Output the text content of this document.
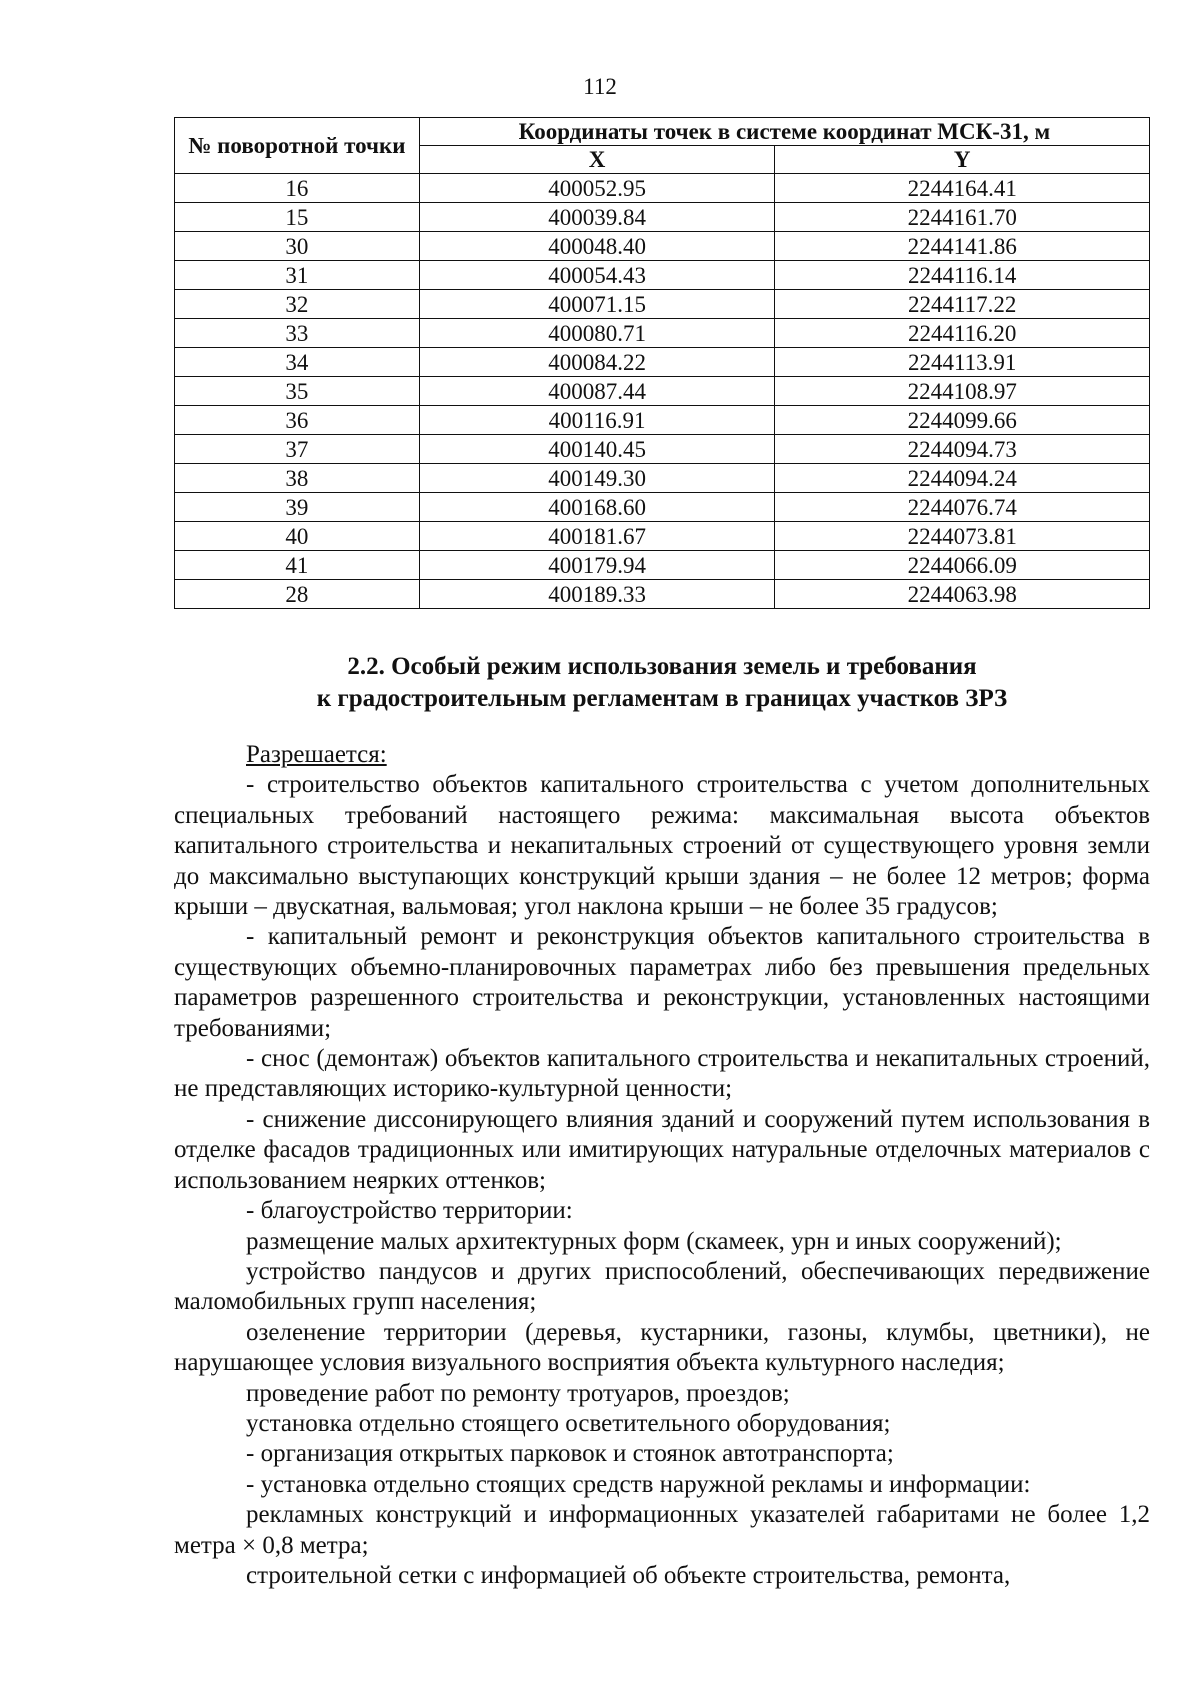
112
№ поворотной точки	Координаты точек в системе координат МСК-31, м	
	X	Y
16	400052.95	2244164.41
15	400039.84	2244161.70
30	400048.40	2244141.86
31	400054.43	2244116.14
32	400071.15	2244117.22
33	400080.71	2244116.20
34	400084.22	2244113.91
35	400087.44	2244108.97
36	400116.91	2244099.66
37	400140.45	2244094.73
38	400149.30	2244094.24
39	400168.60	2244076.74
40	400181.67	2244073.81
41	400179.94	2244066.09
28	400189.33	2244063.98
2.2. Особый режим использования земель и требования
к градостроительным регламентам в границах участков ЗРЗ

Разрешается:

- строительство объектов капитального строительства с учетом дополнительных специальных требований настоящего режима: максимальная высота объектов капитального строительства и некапитальных строений от существующего уровня земли до максимально выступающих конструкций крыши здания – не более 12 метров; форма крыши – двускатная, вальмовая; угол наклона крыши – не более 35 градусов;

- капитальный ремонт и реконструкция объектов капитального строительства в существующих объемно-планировочных параметрах либо без превышения предельных параметров разрешенного строительства и реконструкции, установленных настоящими требованиями;

- снос (демонтаж) объектов капитального строительства и некапитальных строений, не представляющих историко-культурной ценности;

- снижение диссонирующего влияния зданий и сооружений путем использования в отделке фасадов традиционных или имитирующих натуральные отделочных материалов с использованием неярких оттенков;

- благоустройство территории:

размещение малых архитектурных форм (скамеек, урн и иных сооружений);

устройство пандусов и других приспособлений, обеспечивающих передвижение маломобильных групп населения;

озеленение территории (деревья, кустарники, газоны, клумбы, цветники), не нарушающее условия визуального восприятия объекта культурного наследия;

проведение работ по ремонту тротуаров, проездов;

установка отдельно стоящего осветительного оборудования;

- организация открытых парковок и стоянок автотранспорта;

- установка отдельно стоящих средств наружной рекламы и информации:

рекламных конструкций и информационных указателей габаритами не более 1,2 метра × 0,8 метра;

строительной сетки с информацией об объекте строительства, ремонта,
